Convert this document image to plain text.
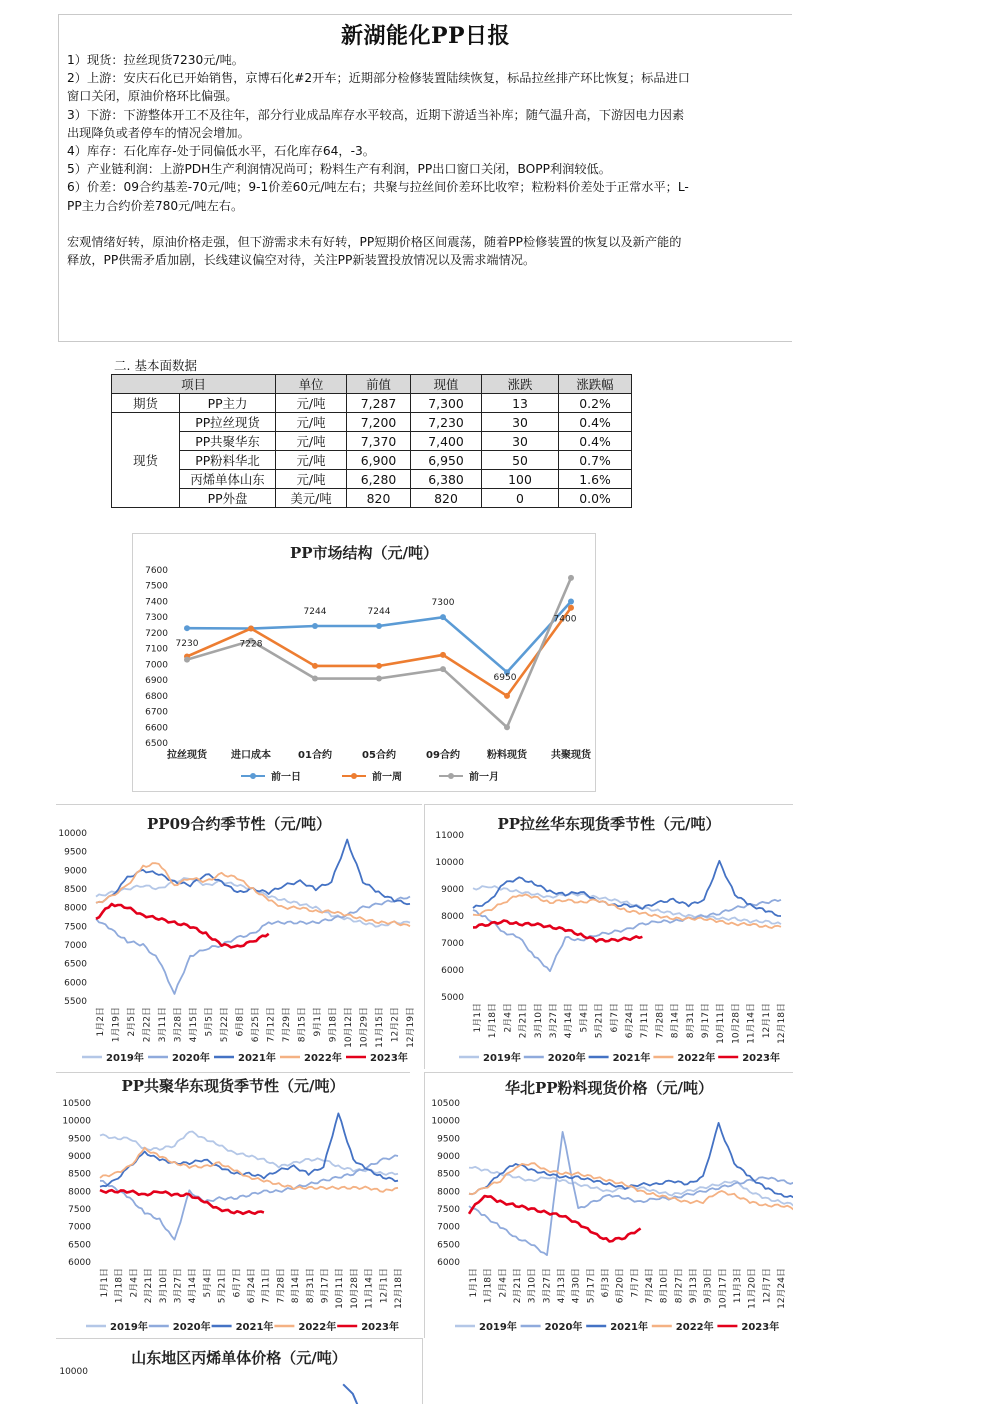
新湖能化PP日报
1）现货：拉丝现货7230元/吨。
2）上游：安庆石化已开始销售，京博石化#2开车；近期部分检修装置陆续恢复，标品拉丝排产环比恢复；标品进口
窗口关闭，原油价格环比偏强。
3）下游：下游整体开工不及往年，部分行业成品库存水平较高，近期下游适当补库；随气温升高，下游因电力因素
出现降负或者停车的情况会增加。
4）库存：石化库存-处于同偏低水平，石化库存64，-3。
5）产业链利润：上游PDH生产利润情况尚可；粉料生产有利润，PP出口窗口关闭，BOPP利润较低。
6）价差：09合约基差-70元/吨；9-1价差60元/吨左右；共聚与拉丝间价差环比收窄；粒粉料价差处于正常水平；L-
PP主力合约价差780元/吨左右。
宏观情绪好转，原油价格走强，但下游需求未有好转，PP短期价格区间震荡，随着PP检修装置的恢复以及新产能的
释放，PP供需矛盾加剧，长线建议偏空对待，关注PP新装置投放情况以及需求端情况。
二. 基本面数据
项目		单位	前值	现值	涨跌	涨跌幅
期货	PP主力	元/吨	7,287	7,300	13	0.2%
现货	PP拉丝现货	元/吨	7,200	7,230	30	0.4%
	PP共聚华东	元/吨	7,370	7,400	30	0.4%
	PP粉料华北	元/吨	6,900	6,950	50	0.7%
	丙烯单体山东	元/吨	6,280	6,380	100	1.6%
	PP外盘	美元/吨	820	820	0	0.0%
PP市场结构（元/吨）
6500
6600
6700
6800
6900
7000
7100
7200
7300
7400
7500
7600
拉丝现货 进口成本	01合约	05合约	09合约	粉料现货 共聚现货
7230	7228
7244	7244
7300
6950
7400
前一日	前一周	前一月
PP09合约季节性（元/吨）
5500
6000
6500
7000
7500
8000
8500
9000
9500
10000
1月2日 1月19日 2月5日 2月22日 3月11日 3月28日 4月15日 5月5日 5月22日 6月8日 6月25日 7月12日 7月29日 8月15日 9月1日 9月18日 10月12日 10月29日 11月15日 12月2日 12月19日
2019年	2020年	2021年	2022年	2023年
PP拉丝华东现货季节性（元/吨）
5000
6000
7000
8000
9000
10000
11000
1月1日 1月18日 2月4日 2月21日 3月10日 3月27日 4月14日 5月4日 5月21日 6月7日 6月24日 7月11日 7月28日 8月14日 8月31日 9月17日 10月11日 10月28日 11月14日 12月1日 12月18日
2019年	2020年	2021年	2022年	2023年
PP共聚华东现货季节性（元/吨）
6000
6500
7000
7500
8000
8500
9000
9500
10000
10500
1月1日 1月18日 2月4日 2月21日 3月10日 3月27日 4月14日 5月4日 5月21日 6月7日 6月24日 7月11日 7月28日 8月14日 8月31日 9月17日 10月11日 10月28日 11月14日 12月1日 12月18日
2019年 2020年 2021年 2022年 2023年
华北PP粉料现货价格（元/吨）
6000
6500
7000
7500
8000
8500
9000
9500
10000
10500
1月1日 1月18日 2月4日 2月21日 3月10日 3月27日 4月13日 4月30日 5月17日 6月3日 6月20日 7月7日 7月24日 8月10日 8月27日 9月13日 9月30日 10月17日 11月3日 11月20日 12月7日 12月24日
2019年	2020年	2021年	2022年	2023年
山东地区丙烯单体价格（元/吨）
10000
